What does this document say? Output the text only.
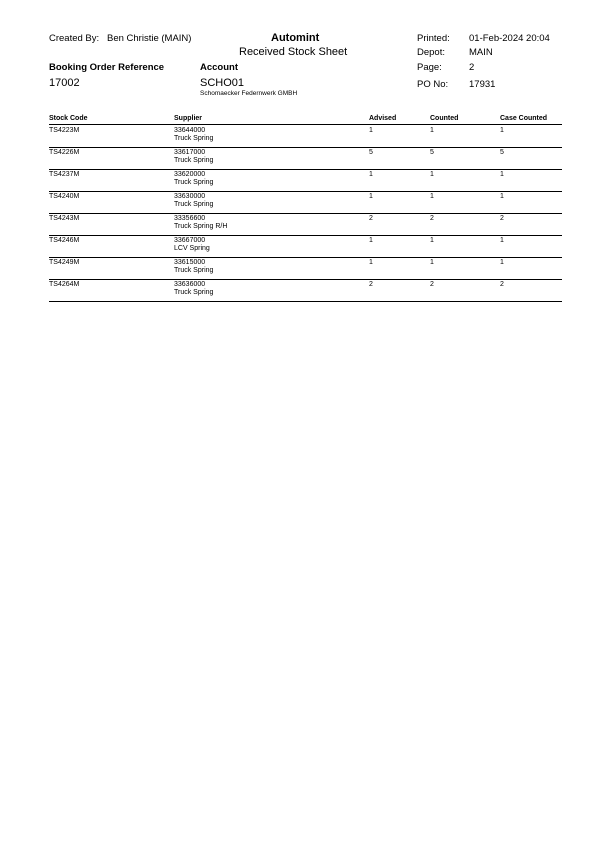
Created By: Ben Christie (MAIN)	Automint
Received Stock Sheet
Printed: 01-Feb-2024 20:04
Depot:	MAIN
Page:	2
PO No: 17931
Booking Order Reference
17002
Account
SCHO01
Schomaecker Federnwerk GMBH
Stock Code	Supplier	Advised	Counted	Case Counted
TS4223M	33644000
Truck Spring
1	1	1
TS4226M	33617000
Truck Spring
5	5	5
TS4237M	33620000
Truck Spring
1	1	1
TS4240M	33630000
Truck Spring
1	1	1
TS4243M	33356600
Truck Spring R/H
2	2	2
TS4246M	33667000
LCV Spring
1	1	1
TS4249M	33615000
Truck Spring
1	1	1
TS4264M	33636000
Truck Spring
2	2	2
